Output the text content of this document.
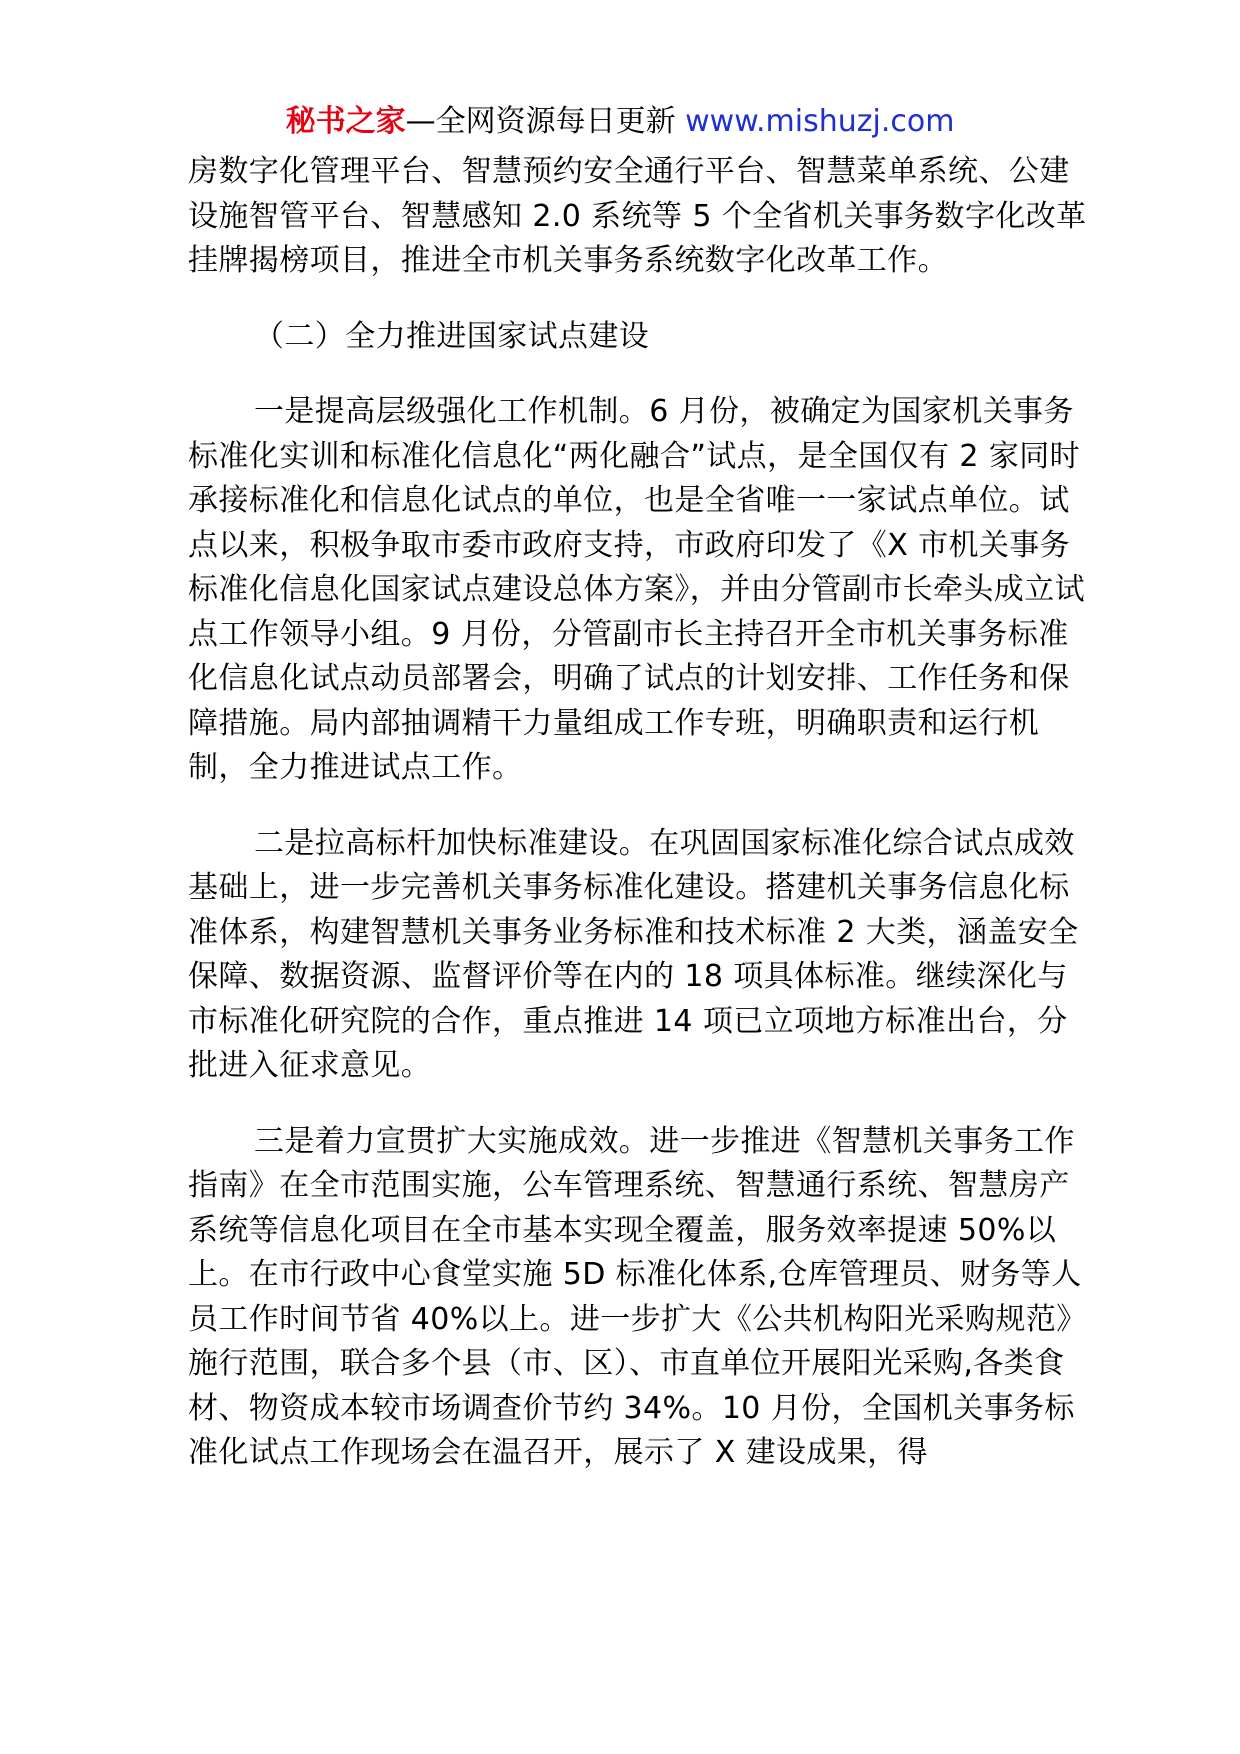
秘书之家—全网资源每日更新 www.mishuzj.com

房数字化管理平台、智慧预约安全通行平台、智慧菜单系统、公建设施智管平台、智慧感知 2.0 系统等 5 个全省机关事务数字化改革挂牌揭榜项目，推进全市机关事务系统数字化改革工作。

（二）全力推进国家试点建设

一是提高层级强化工作机制。6 月份，被确定为国家机关事务标准化实训和标准化信息化“两化融合”试点，是全国仅有 2 家同时承接标准化和信息化试点的单位，也是全省唯一一家试点单位。试点以来，积极争取市委市政府支持，市政府印发了《X 市机关事务标准化信息化国家试点建设总体方案》，并由分管副市长牵头成立试点工作领导小组。9 月份，分管副市长主持召开全市机关事务标准化信息化试点动员部署会，明确了试点的计划安排、工作任务和保障措施。局内部抽调精干力量组成工作专班，明确职责和运行机制，全力推进试点工作。

二是拉高标杆加快标准建设。在巩固国家标准化综合试点成效基础上，进一步完善机关事务标准化建设。搭建机关事务信息化标准体系，构建智慧机关事务业务标准和技术标准 2 大类，涵盖安全保障、数据资源、监督评价等在内的 18 项具体标准。继续深化与市标准化研究院的合作，重点推进 14 项已立项地方标准出台，分批进入征求意见。

三是着力宣贯扩大实施成效。进一步推进《智慧机关事务工作指南》在全市范围实施，公车管理系统、智慧通行系统、智慧房产系统等信息化项目在全市基本实现全覆盖，服务效率提速 50%以上。在市行政中心食堂实施 5D 标准化体系,仓库管理员、财务等人员工作时间节省 40%以上。进一步扩大《公共机构阳光采购规范》施行范围，联合多个县（市、区）、市直单位开展阳光采购,各类食材、物资成本较市场调查价节约 34%。10 月份，全国机关事务标准化试点工作现场会在温召开，展示了 X 建设成果，得
